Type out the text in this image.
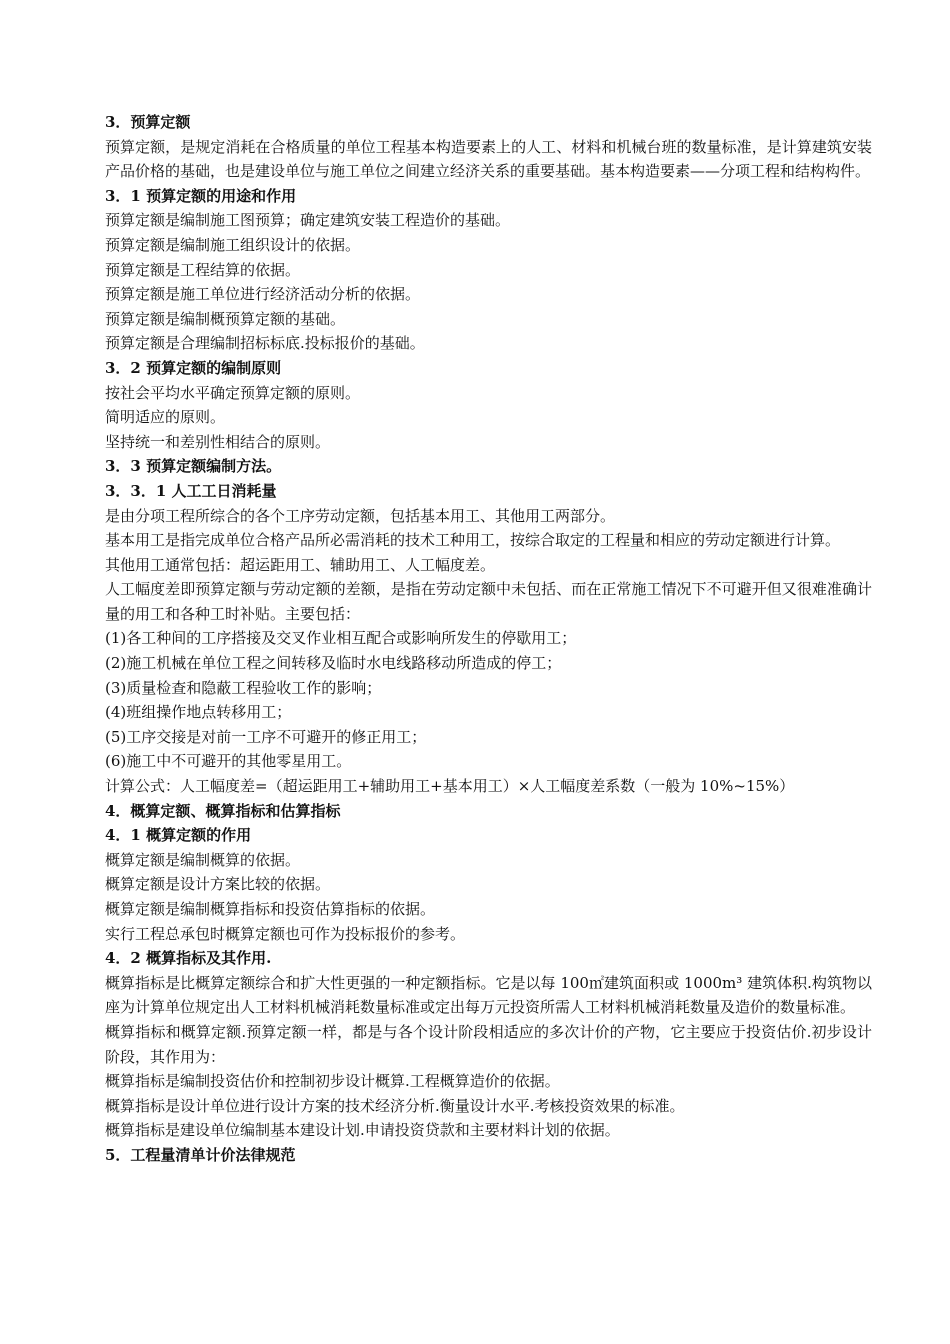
3．预算定额

预算定额，是规定消耗在合格质量的单位工程基本构造要素上的人工、材料和机械台班的数量标准，是计算建筑安装产品价格的基础，也是建设单位与施工单位之间建立经济关系的重要基础。基本构造要素——分项工程和结构构件。

3．1 预算定额的用途和作用

预算定额是编制施工图预算；确定建筑安装工程造价的基础。

预算定额是编制施工组织设计的依据。

预算定额是工程结算的依据。

预算定额是施工单位进行经济活动分析的依据。

预算定额是编制概预算定额的基础。

预算定额是合理编制招标标底.投标报价的基础。

3．2 预算定额的编制原则

按社会平均水平确定预算定额的原则。

简明适应的原则。

坚持统一和差别性相结合的原则。

3．3 预算定额编制方法。

3．3．1 人工工日消耗量

是由分项工程所综合的各个工序劳动定额，包括基本用工、其他用工两部分。

基本用工是指完成单位合格产品所必需消耗的技术工种用工，按综合取定的工程量和相应的劳动定额进行计算。

其他用工通常包括：超运距用工、辅助用工、人工幅度差。

人工幅度差即预算定额与劳动定额的差额，是指在劳动定额中未包括、而在正常施工情况下不可避开但又很难准确计量的用工和各种工时补贴。主要包括：

(1)各工种间的工序搭接及交叉作业相互配合或影响所发生的停歇用工；

(2)施工机械在单位工程之间转移及临时水电线路移动所造成的停工；

(3)质量检查和隐蔽工程验收工作的影响；

(4)班组操作地点转移用工；

(5)工序交接是对前一工序不可避开的修正用工；

(6)施工中不可避开的其他零星用工。

计算公式：人工幅度差=（超运距用工+辅助用工+基本用工）×人工幅度差系数（一般为 10%~15%）

4．概算定额、概算指标和估算指标

4．1 概算定额的作用

概算定额是编制概算的依据。

概算定额是设计方案比较的依据。

概算定额是编制概算指标和投资估算指标的依据。

实行工程总承包时概算定额也可作为投标报价的参考。

4．2 概算指标及其作用.

概算指标是比概算定额综合和扩大性更强的一种定额指标。它是以每 100㎡建筑面积或 1000m³ 建筑体积.构筑物以座为计算单位规定出人工材料机械消耗数量标准或定出每万元投资所需人工材料机械消耗数量及造价的数量标准。

概算指标和概算定额.预算定额一样，都是与各个设计阶段相适应的多次计价的产物，它主要应于投资估价.初步设计阶段，其作用为：

概算指标是编制投资估价和控制初步设计概算.工程概算造价的依据。

概算指标是设计单位进行设计方案的技术经济分析.衡量设计水平.考核投资效果的标准。

概算指标是建设单位编制基本建设计划.申请投资贷款和主要材料计划的依据。

5．工程量清单计价法律规范
